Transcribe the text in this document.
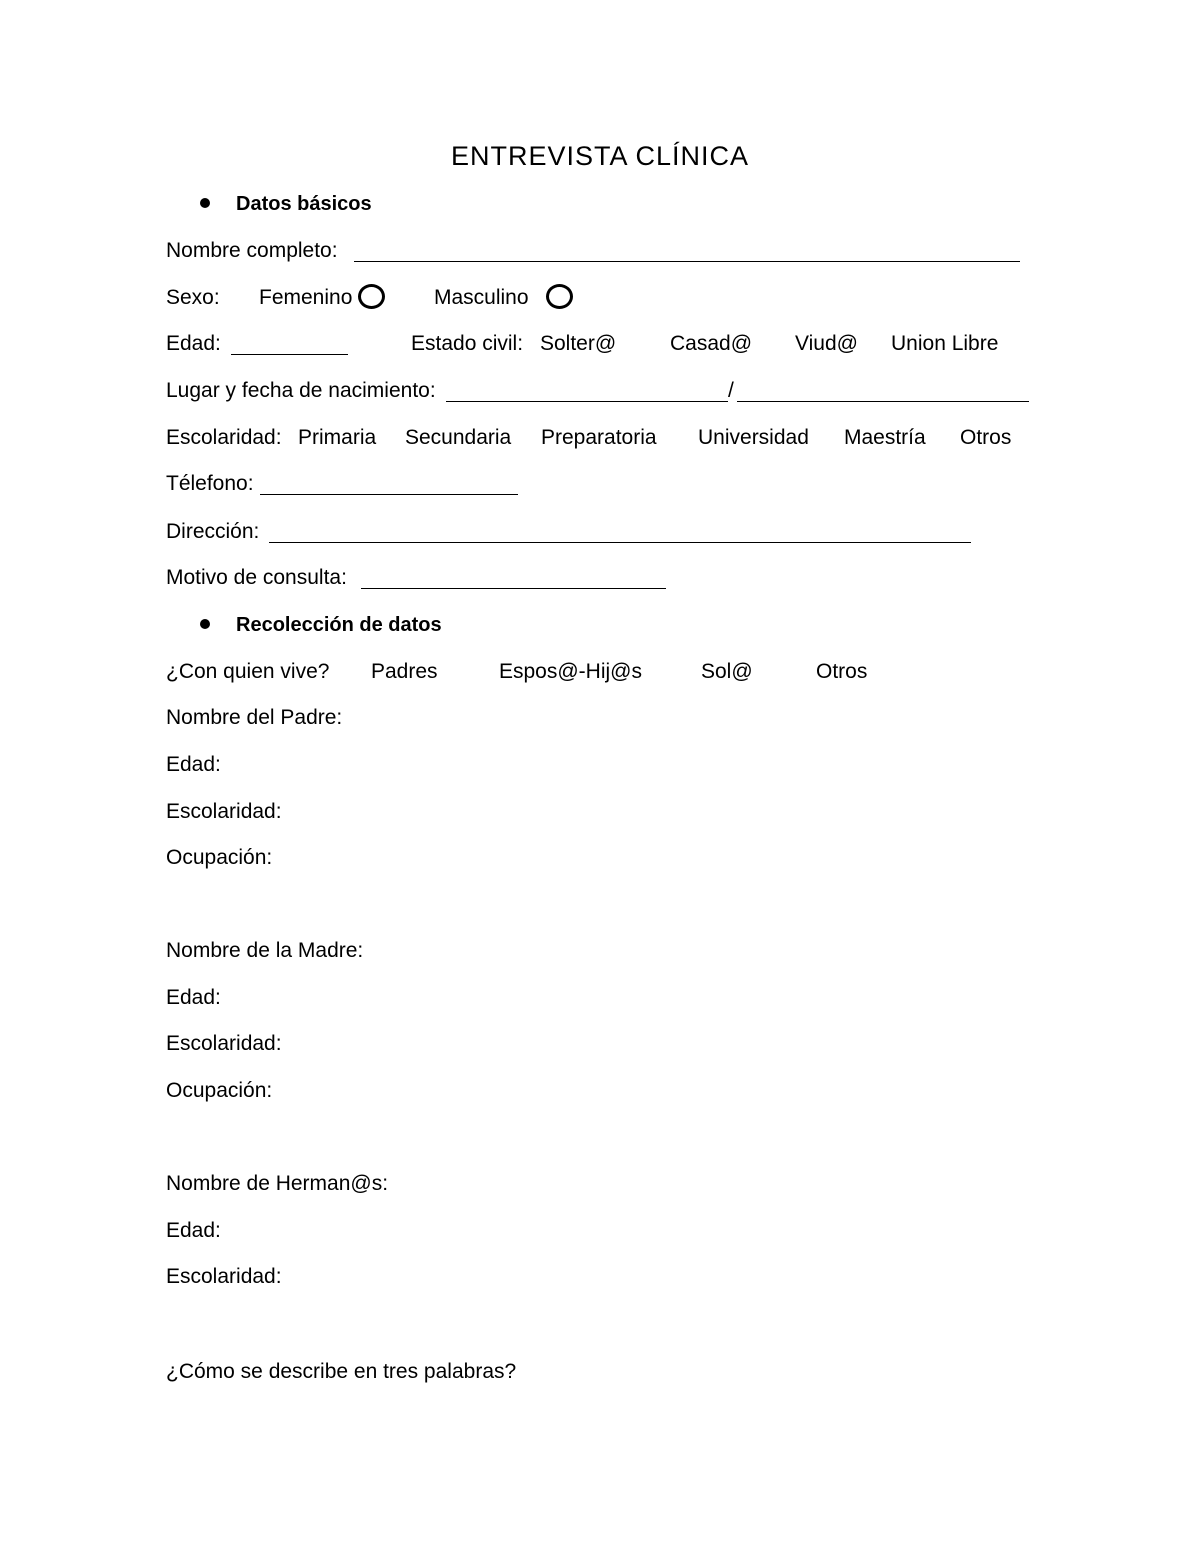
ENTREVISTA CLÍNICA
Datos básicos
Nombre completo:
Sexo: Femenino	Masculino
Edad:	Estado civil: Solter@	Casad@ Viud@ Union Libre
Lugar y fecha de nacimiento:	/
Escolaridad: Primaria Secundaria Preparatoria Universidad Maestría Otros
Télefono:
Dirección:
Motivo de consulta:
Recolección de datos
¿Con quien vive? Padres	Espos@-Hij@s	Sol@	Otros
Nombre del Padre:
Edad:
Escolaridad:
Ocupación:
Nombre de la Madre:
Edad:
Escolaridad:
Ocupación:
Nombre de Herman@s:
Edad:
Escolaridad:
¿Cómo se describe en tres palabras?
